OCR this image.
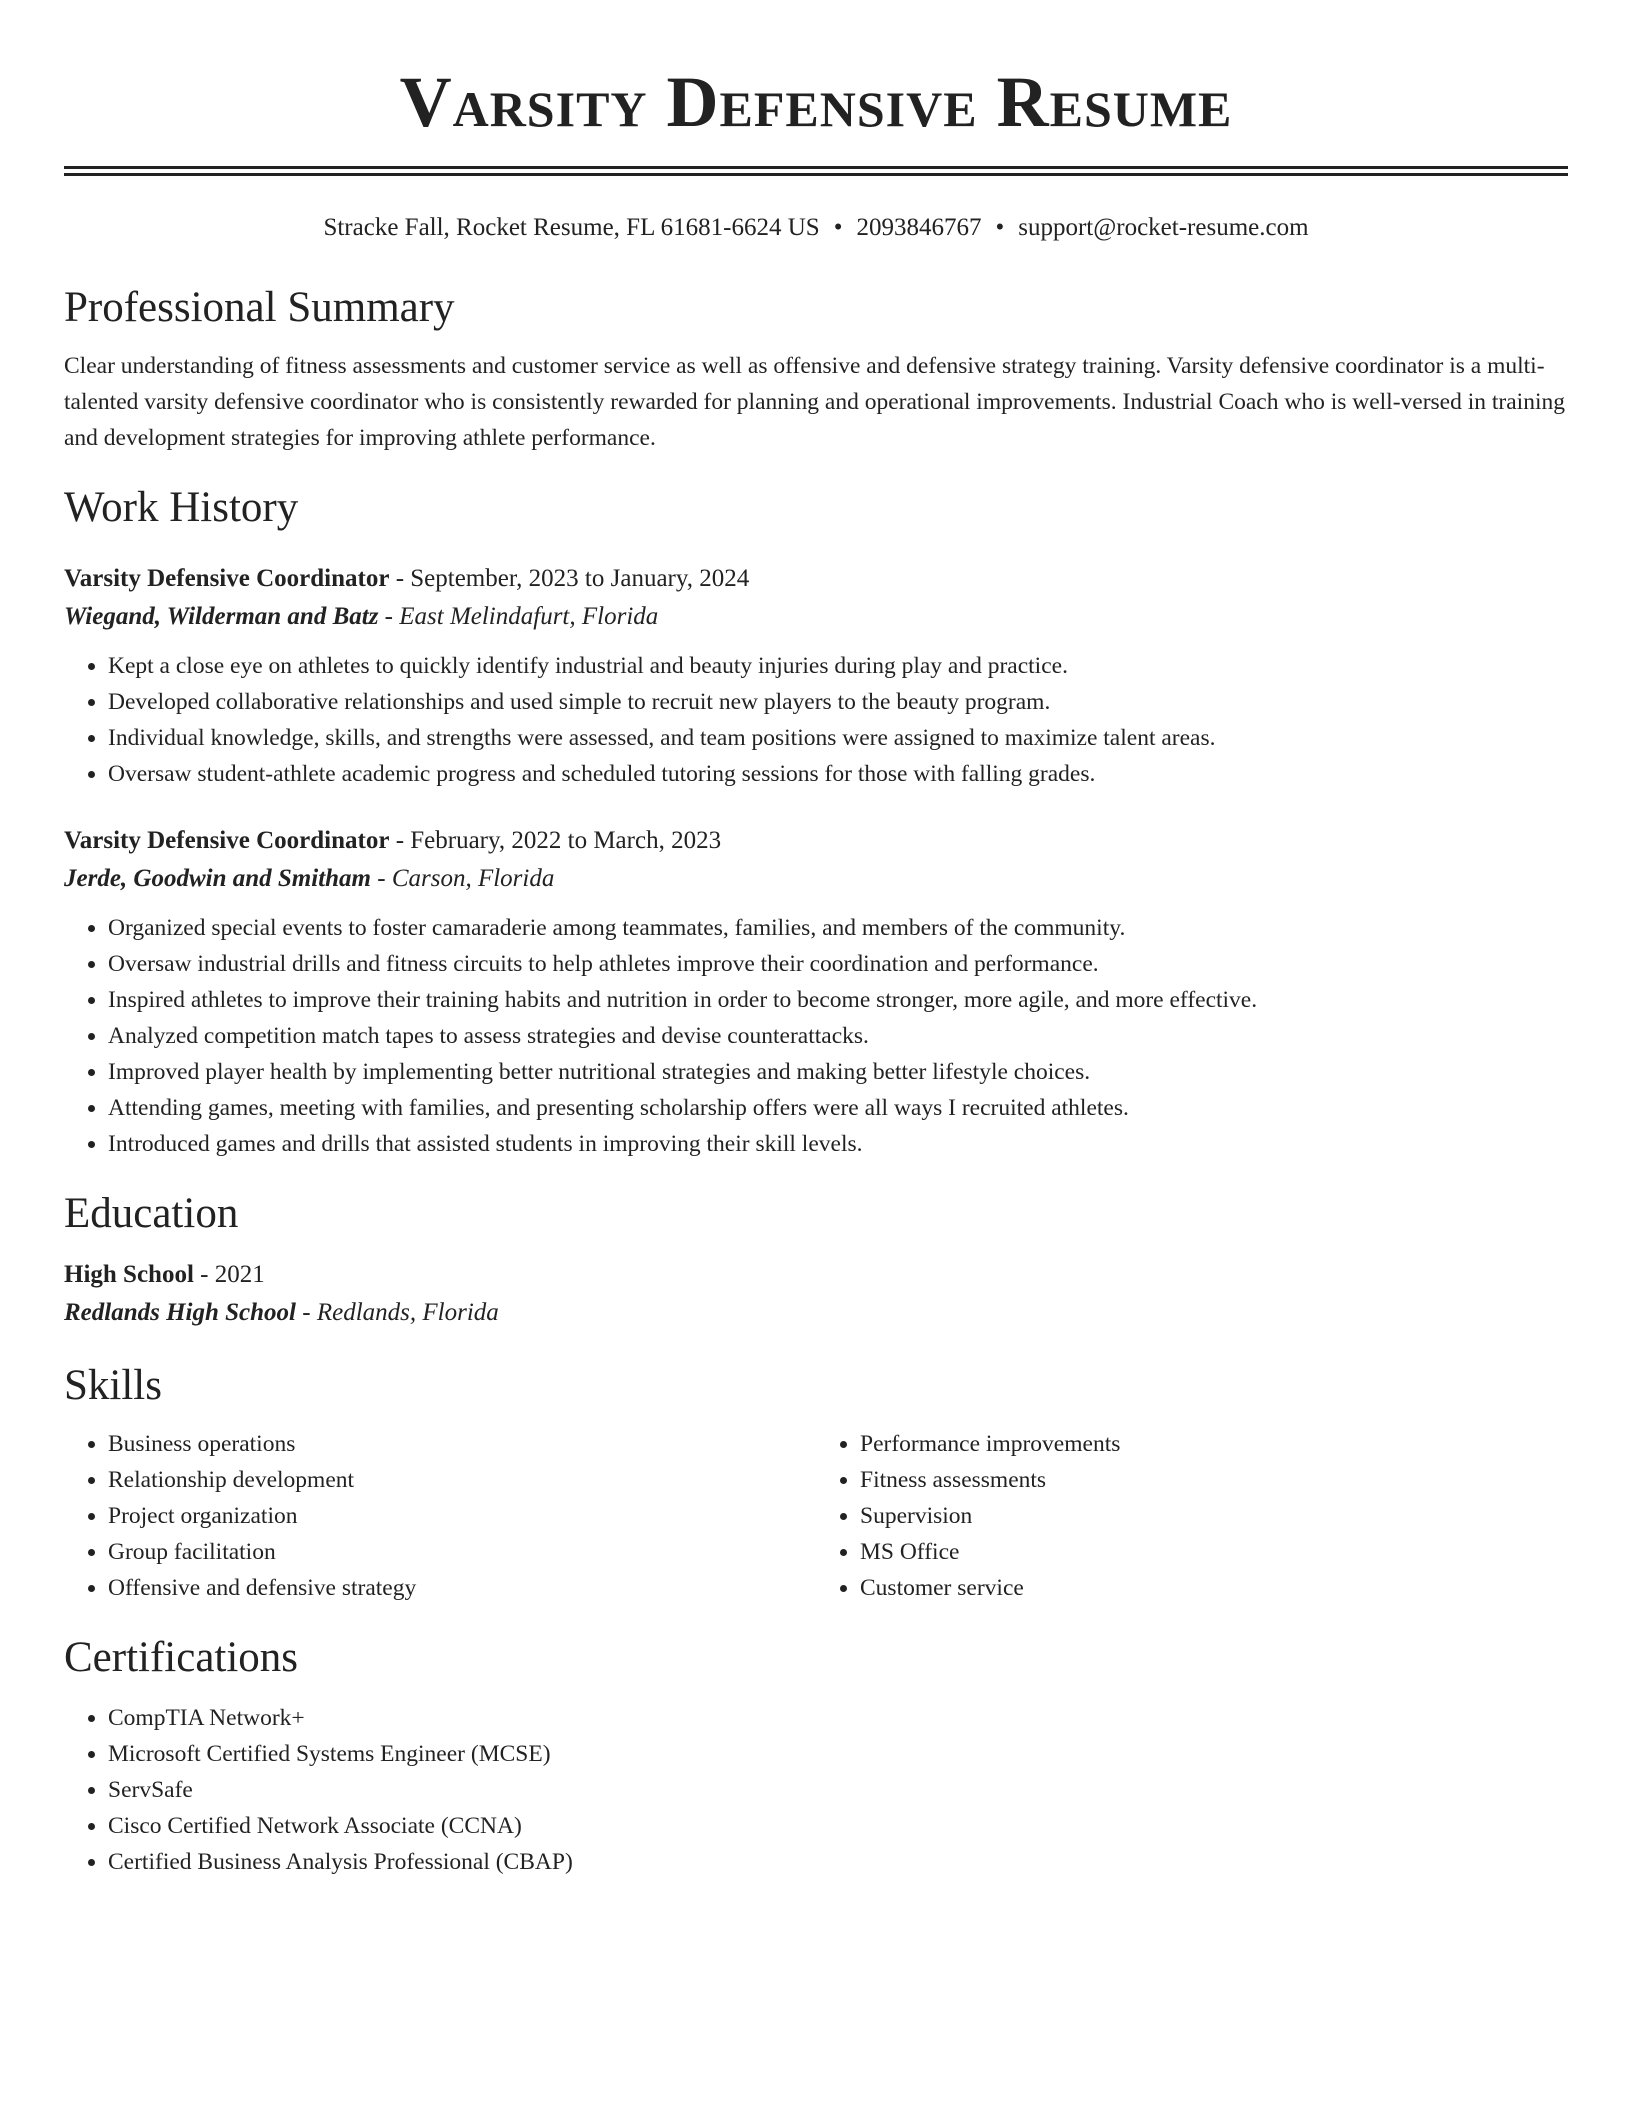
Varsity Defensive Resume
Stracke Fall, Rocket Resume, FL 61681-6624 US • 2093846767 • support@rocket-resume.com
Professional Summary

Clear understanding of fitness assessments and customer service as well as offensive and defensive strategy training. Varsity defensive coordinator is a multi-talented varsity defensive coordinator who is consistently rewarded for planning and operational improvements. Industrial Coach who is well-versed in training and development strategies for improving athlete performance.

Work History
Varsity Defensive Coordinator - September, 2023 to January, 2024
Wiegand, Wilderman and Batz - East Melindafurt, Florida
• Kept a close eye on athletes to quickly identify industrial and beauty injuries during play and practice.
• Developed collaborative relationships and used simple to recruit new players to the beauty program.
• Individual knowledge, skills, and strengths were assessed, and team positions were assigned to maximize talent areas.
• Oversaw student-athlete academic progress and scheduled tutoring sessions for those with falling grades.
Varsity Defensive Coordinator - February, 2022 to March, 2023
Jerde, Goodwin and Smitham - Carson, Florida
• Organized special events to foster camaraderie among teammates, families, and members of the community.
• Oversaw industrial drills and fitness circuits to help athletes improve their coordination and performance.
• Inspired athletes to improve their training habits and nutrition in order to become stronger, more agile, and more effective.
• Analyzed competition match tapes to assess strategies and devise counterattacks.
• Improved player health by implementing better nutritional strategies and making better lifestyle choices.
• Attending games, meeting with families, and presenting scholarship offers were all ways I recruited athletes.
• Introduced games and drills that assisted students in improving their skill levels.
Education
High School - 2021
Redlands High School - Redlands, Florida
Skills
• Business operations
• Relationship development
• Project organization
• Group facilitation
• Offensive and defensive strategy
• Performance improvements
• Fitness assessments
• Supervision
• MS Office
• Customer service
Certifications
• CompTIA Network+
• Microsoft Certified Systems Engineer (MCSE)
• ServSafe
• Cisco Certified Network Associate (CCNA)
• Certified Business Analysis Professional (CBAP)
